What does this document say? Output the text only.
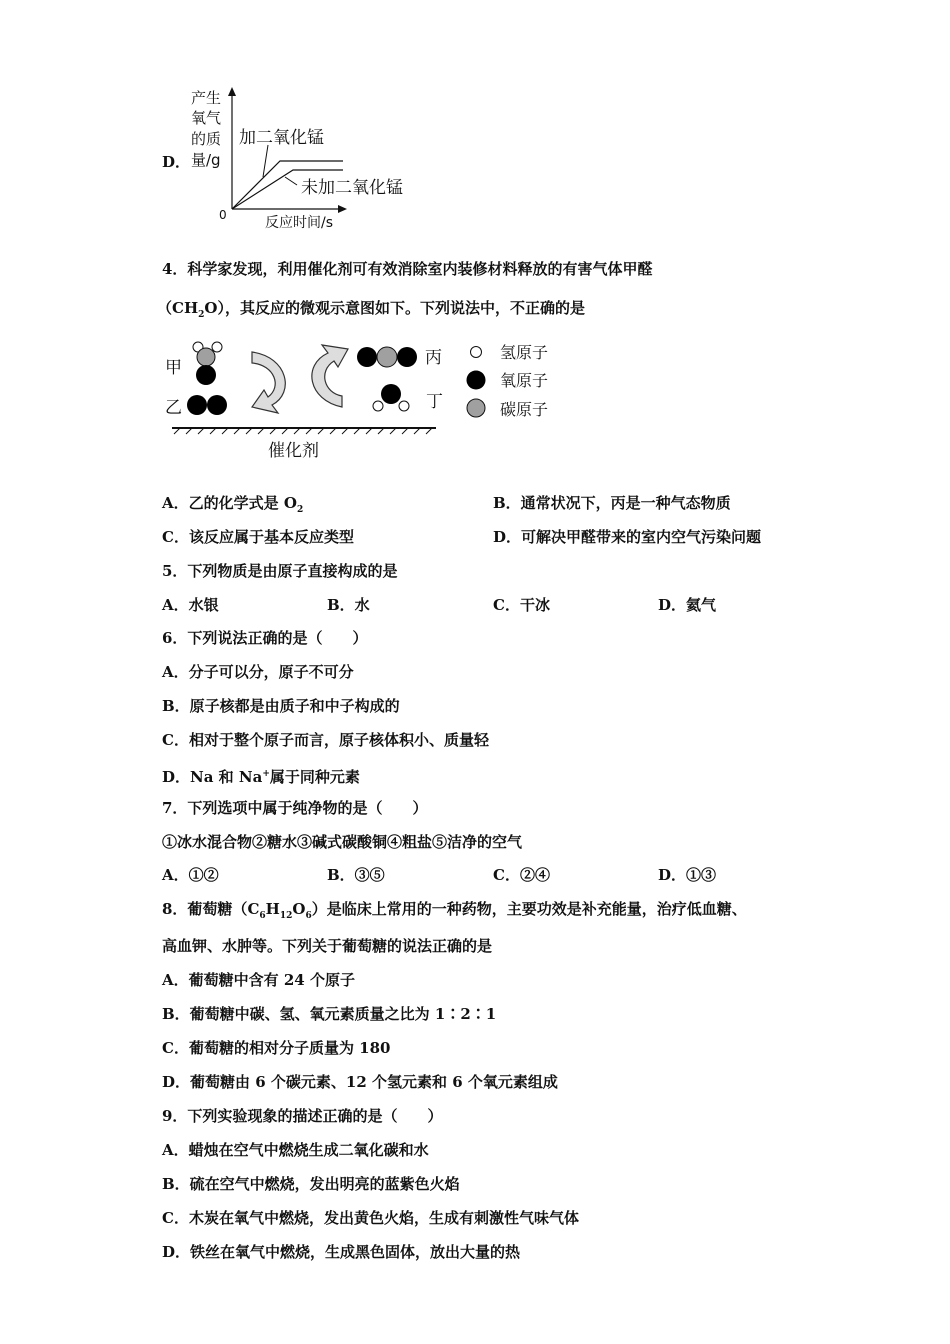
D．
产生
氧气
的质
量/g
0	反应时间/s
加二氧化锰
未加二氧化锰
4．科学家发现，利用催化剂可有效消除室内装修材料释放的有害气体甲醛
$(CH_2O)$，其反应的微观示意图如下。下列说法中，不正确的是
甲
乙
丙
丁
催化剂
氢原子
氧原子
碳原子
A．乙的化学式是 $O_2$	B．通常状况下，丙是一种气态物质
C．该反应属于基本反应类型	D．可解决甲醛带来的室内空气污染问题
5．下列物质是由原子直接构成的是
A．水银	B．水	C．干冰	D．氦气
6．下列说法正确的是（　　）
A．分子可以分，原子不可分
B．原子核都是由质子和中子构成的
C．相对于整个原子而言，原子核体积小、质量轻
D．Na 和 Na+属于同种元素
7．下列选项中属于纯净物的是（　　）
①冰水混合物②糖水③碱式碳酸铜④粗盐⑤洁净的空气
A．①②	B．③⑤	C．②④	D．①③
8．葡萄糖$(C_6H_{12}O_6)$是临床上常用的一种药物，主要功效是补充能量，治疗低血糖、
高血钾、水肿等。下列关于葡萄糖的说法正确的是
A．葡萄糖中含有 24 个原子
B．葡萄糖中碳、氢、氧元素质量之比为 1∶2∶1
C．葡萄糖的相对分子质量为 180
D．葡萄糖由 6 个碳元素、12 个氢元素和 6 个氧元素组成
9．下列实验现象的描述正确的是（　　）
A．蜡烛在空气中燃烧生成二氧化碳和水
B．硫在空气中燃烧，发出明亮的蓝紫色火焰
C．木炭在氧气中燃烧，发出黄色火焰，生成有刺激性气味气体
D．铁丝在氧气中燃烧，生成黑色固体，放出大量的热
